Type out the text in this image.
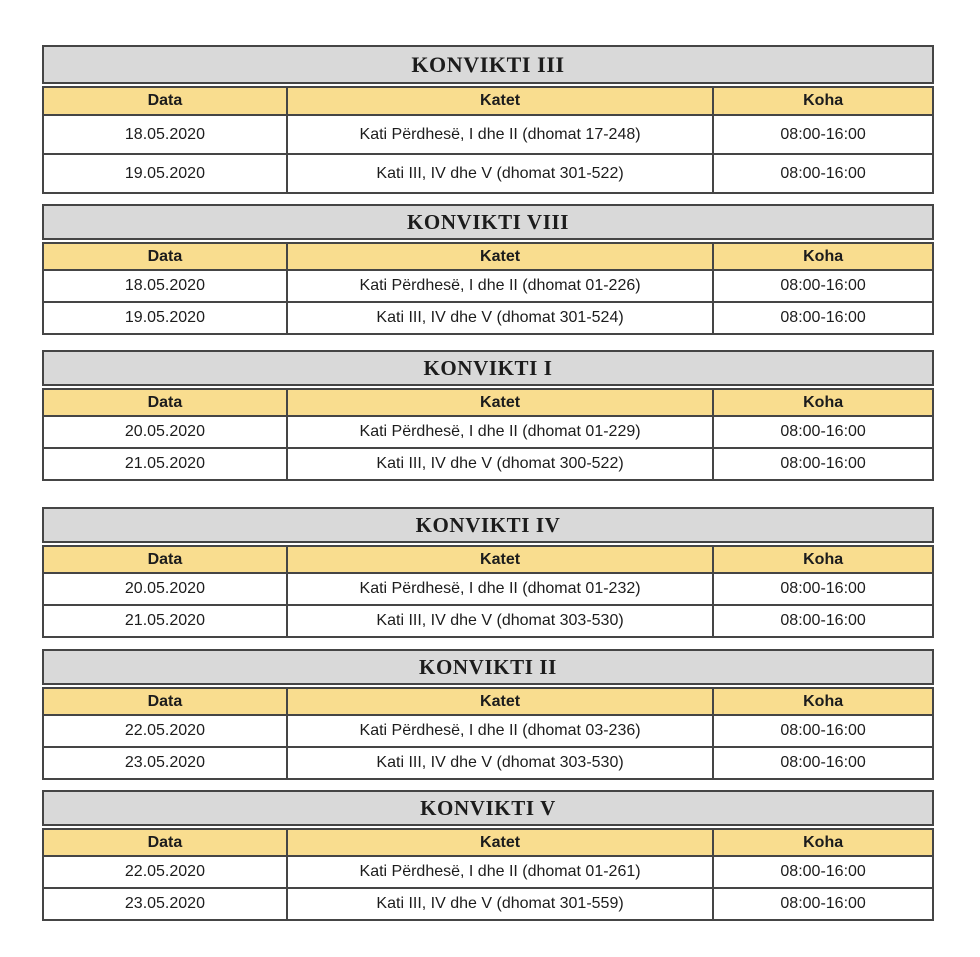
KONVIKTI III
Data	Katet	Koha
18.05.2020	Kati Përdhesë, I dhe II (dhomat 17-248)	08:00-16:00
19.05.2020	Kati III, IV dhe V (dhomat 301-522)	08:00-16:00
KONVIKTI VIII
Data	Katet	Koha
18.05.2020	Kati Përdhesë, I dhe II (dhomat 01-226)	08:00-16:00
19.05.2020	Kati III, IV dhe V (dhomat 301-524)	08:00-16:00
KONVIKTI I
Data	Katet	Koha
20.05.2020	Kati Përdhesë, I dhe II (dhomat 01-229)	08:00-16:00
21.05.2020	Kati III, IV dhe V (dhomat 300-522)	08:00-16:00
KONVIKTI IV
Data	Katet	Koha
20.05.2020	Kati Përdhesë, I dhe II (dhomat 01-232)	08:00-16:00
21.05.2020	Kati III, IV dhe V (dhomat 303-530)	08:00-16:00
KONVIKTI II
Data	Katet	Koha
22.05.2020	Kati Përdhesë, I dhe II (dhomat 03-236)	08:00-16:00
23.05.2020	Kati III, IV dhe V (dhomat 303-530)	08:00-16:00
KONVIKTI V
Data	Katet	Koha
22.05.2020	Kati Përdhesë, I dhe II (dhomat 01-261)	08:00-16:00
23.05.2020	Kati III, IV dhe V (dhomat 301-559)	08:00-16:00
